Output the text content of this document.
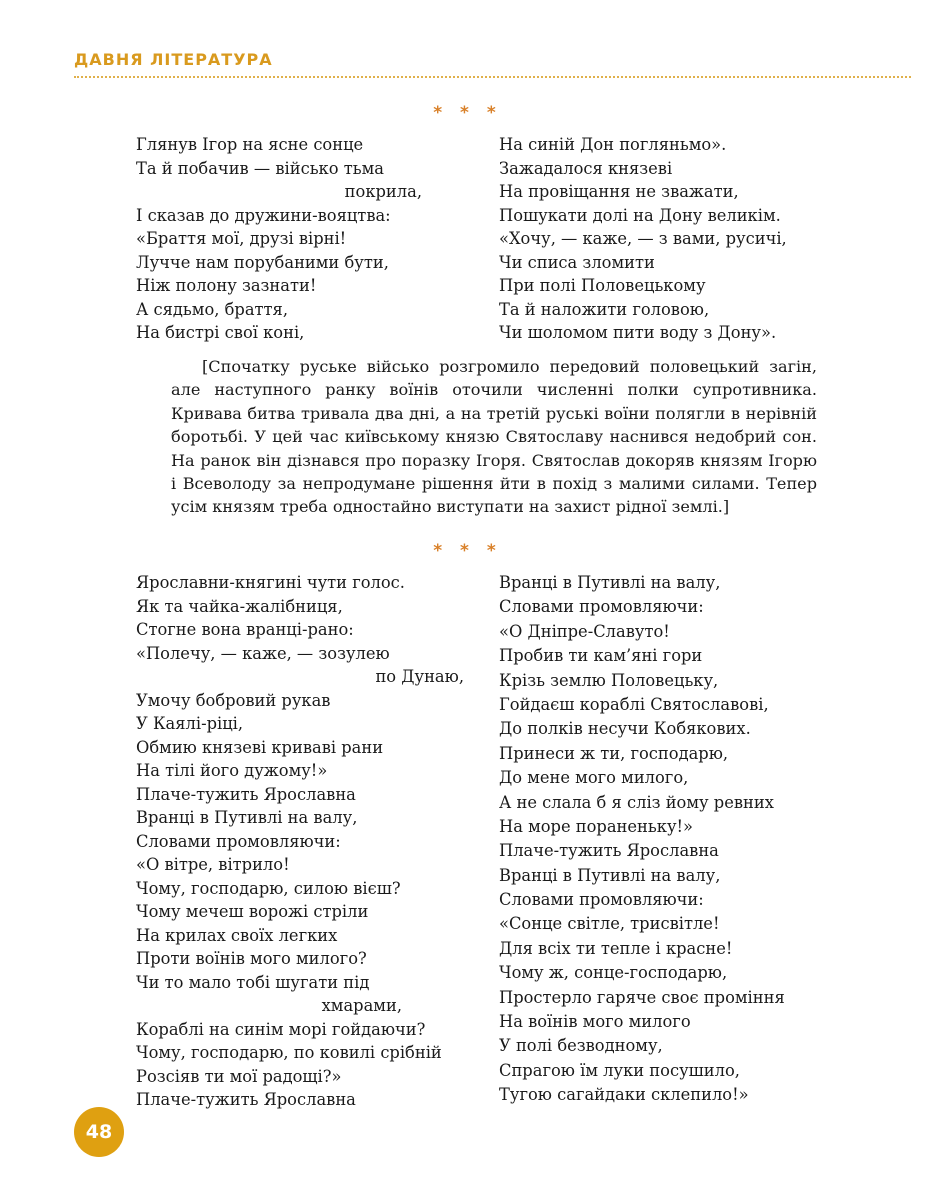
ДАВНЯ ЛІТЕРАТУРА
* * *
Глянув Ігор на ясне сонце
Та й побачив — військо тьма
покрила,
І сказав до дружини-вояцтва:
«Браття мої, друзі вірні!
Лучче нам порубаними бути,
Ніж полону зазнати!
А сядьмо, браття,
На бистрі свої коні,
На синій Дон погляньмо».
Зажадалося князеві
На провіщання не зважати,
Пошукати долі на Дону великім.
«Хочу, — каже, — з вами, русичі,
Чи списа зломити
При полі Половецькому
Та й наложити головою,
Чи шоломом пити воду з Дону».

[Спочатку руське військо розгромило передовий половецький загін, але наступного ранку воїнів оточили численні полки супротивника. Кривава битва тривала два дні, а на третій руські воїни полягли в нерівній боротьбі. У цей час київському князю Святославу наснився недобрий сон. На ранок він дізнався про поразку Ігоря. Святослав докоряв князям Ігорю і Всеволоду за непродумане рішення йти в похід з малими силами. Тепер усім князям треба одностайно виступати на захист рідної землі.]

* * *
Ярославни-княгині чути голос.
Як та чайка-жалібниця,
Стогне вона вранці-рано:
«Полечу, — каже, — зозулею
по Дунаю,
Умочу бобровий рукав
У Каялі-ріці,
Обмию князеві криваві рани
На тілі його дужому!»
Плаче-тужить Ярославна
Вранці в Путивлі на валу,
Словами промовляючи:
«О вітре, вітрило!
Чому, господарю, силою вієш?
Чому мечеш ворожі стріли
На крилах своїх легких
Проти воїнів мого милого?
Чи то мало тобі шугати під
хмарами,
Кораблі на синім морі гойдаючи?
Чому, господарю, по ковилі срібній
Розсіяв ти мої радощі?»
Плаче-тужить Ярославна
Вранці в Путивлі на валу,
Словами промовляючи:
«О Дніпре-Славуто!
Пробив ти кам’яні гори
Крізь землю Половецьку,
Гойдаєш кораблі Святославові,
До полків несучи Кобякових.
Принеси ж ти, господарю,
До мене мого милого,
А не слала б я сліз йому ревних
На море пораненьку!»
Плаче-тужить Ярославна
Вранці в Путивлі на валу,
Словами промовляючи:
«Сонце світле, трисвітле!
Для всіх ти тепле і красне!
Чому ж, сонце-господарю,
Простерло гаряче своє проміння
На воїнів мого милого
У полі безводному,
Спрагою їм луки посушило,
Тугою сагайдаки склепило!»
48
